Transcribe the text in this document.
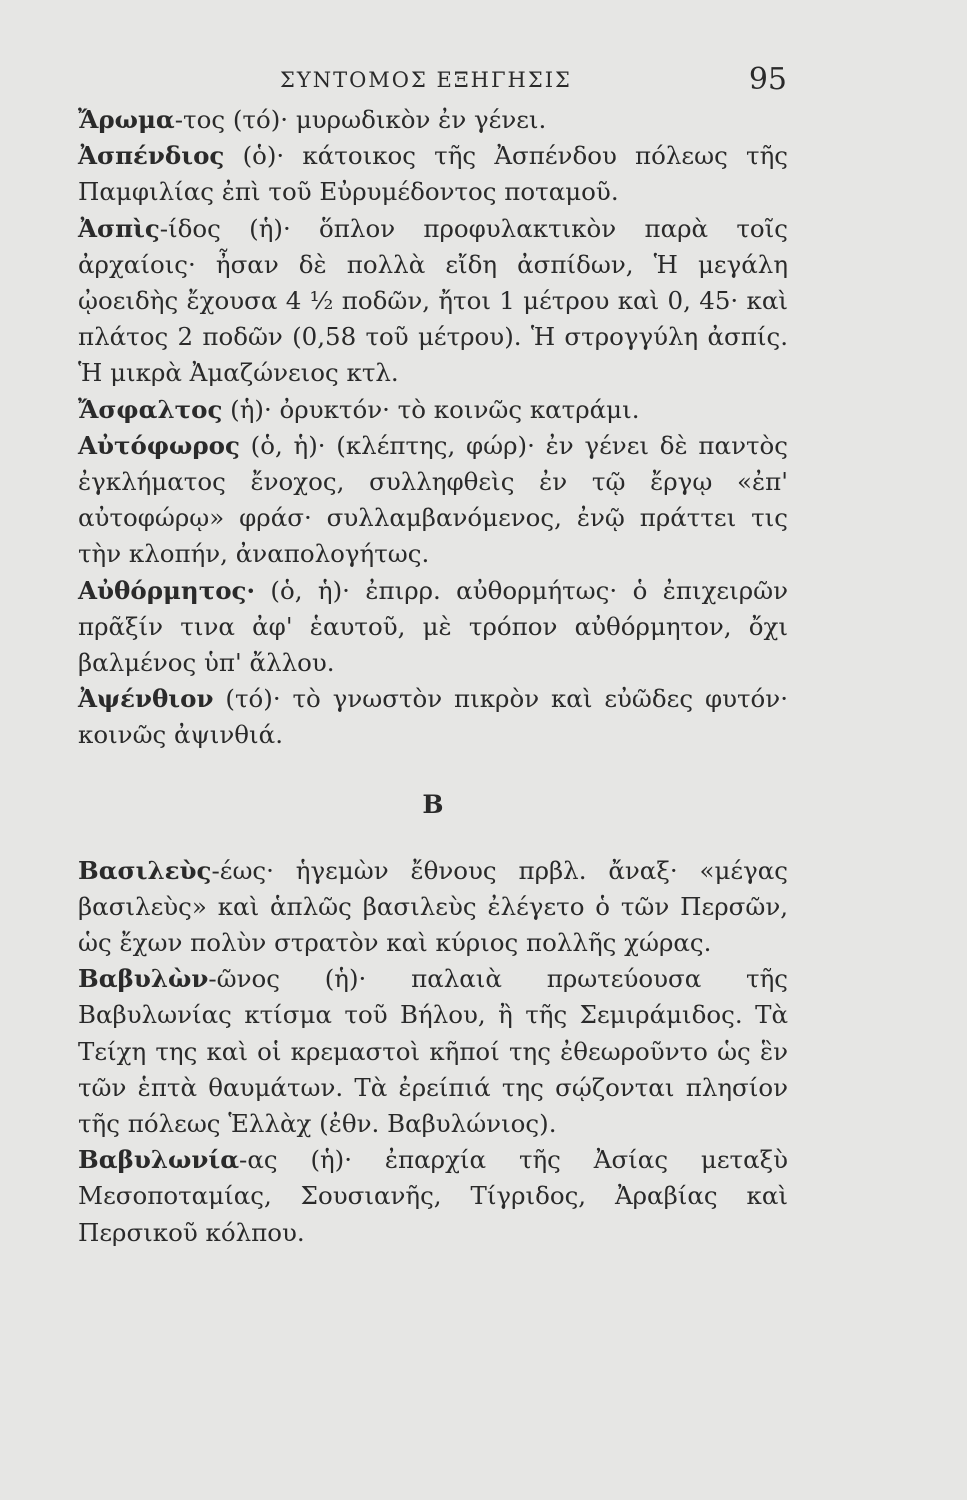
ΣΥΝΤΟΜΟΣ ΕΞΗΓΗΣΙΣ	95

Ἄρωμα-τος (τό)· μυρωδικὸν ἐν γένει.

Ἀσπένδιος (ὁ)· κάτοικος τῆς Ἀσπένδου πόλεως τῆς Παμφιλίας ἐπὶ τοῦ Εὐρυμέδοντος ποταμοῦ.

Ἀσπὶς-ίδος (ἡ)· ὅπλον προφυλακτικὸν παρὰ τοῖς ἀρχαίοις· ἦσαν δὲ πολλὰ εἴδη ἀσπίδων, Ἡ μεγάλη ᾠοειδὴς ἔχουσα 4 ½ ποδῶν, ἤτοι 1 μέτρου καὶ 0, 45· καὶ πλάτος 2 ποδῶν (0,58 τοῦ μέτρου). Ἡ στρογγύλη ἀσπίς. Ἡ μικρὰ Ἀμαζώνειος κτλ.

Ἄσφαλτος (ἡ)· ὀρυκτόν· τὸ κοινῶς κατράμι.

Αὐτόφωρος (ὁ, ἡ)· (κλέπτης, φώρ)· ἐν γένει δὲ παντὸς ἐγκλήματος ἔνοχος, συλληφθεὶς ἐν τῷ ἔργῳ «ἐπ' αὐτοφώρῳ» φράσ· συλλαμβανόμενος, ἐνῷ πράττει τις τὴν κλοπήν, ἀναπολογήτως.

Αὐθόρμητος· (ὁ, ἡ)· ἐπιρρ. αὐθορμήτως· ὁ ἐπιχειρῶν πρᾶξίν τινα ἀφ' ἑαυτοῦ, μὲ τρόπον αὐθόρμητον, ὄχι βαλμένος ὑπ' ἄλλου.

Ἀψένθιον (τό)· τὸ γνωστὸν πικρὸν καὶ εὐῶδες φυτόν· κοινῶς ἀψινθιά.

B

Βασιλεὺς-έως· ἡγεμὼν ἔθνους πρβλ. ἄναξ· «μέγας βασιλεὺς» καὶ ἁπλῶς βασιλεὺς ἐλέγετο ὁ τῶν Περσῶν, ὡς ἔχων πολὺν στρατὸν καὶ κύριος πολλῆς χώρας.

Βαβυλὼν-ῶνος (ἡ)· παλαιὰ πρωτεύουσα τῆς Βαβυλωνίας κτίσμα τοῦ Βήλου, ἢ τῆς Σεμιράμιδος. Τὰ Τείχη της καὶ οἱ κρεμαστοὶ κῆποί της ἐθεωροῦντο ὡς ἓν τῶν ἑπτὰ θαυμάτων. Τὰ ἐρείπιά της σῴζονται πλησίον τῆς πόλεως Ἑλλὰχ (ἐθν. Βαβυλώνιος).

Βαβυλωνία-ας (ἡ)· ἐπαρχία τῆς Ἀσίας μεταξὺ Μεσοποταμίας, Σουσιανῆς, Τίγριδος, Ἀραβίας καὶ Περσικοῦ κόλπου.
